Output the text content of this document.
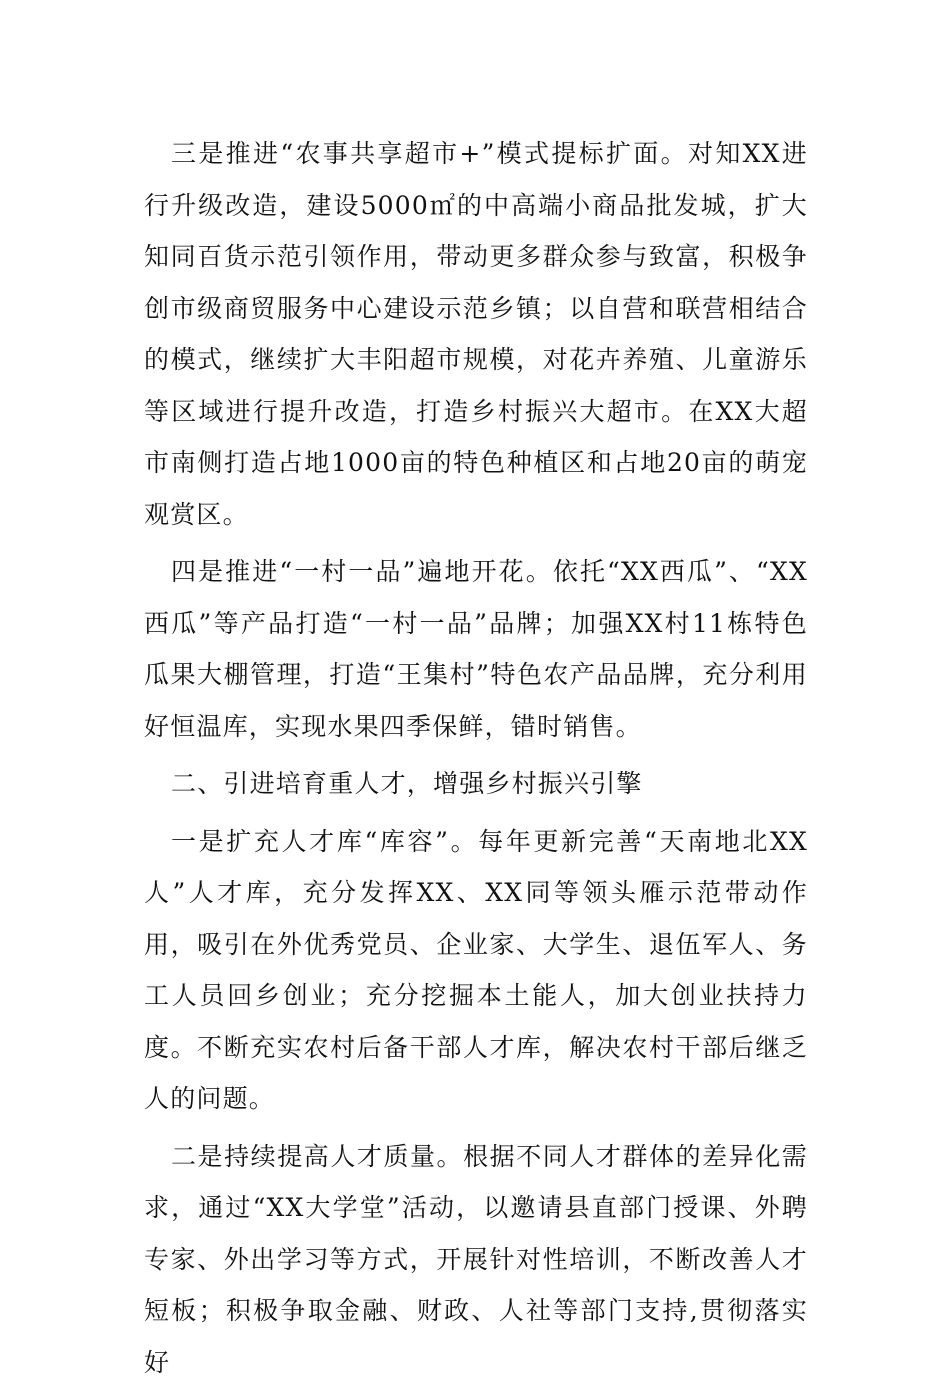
三是推进“农事共享超市+”模式提标扩面。对知XX进行升级改造，建设5000㎡的中高端小商品批发城，扩大知同百货示范引领作用，带动更多群众参与致富，积极争创市级商贸服务中心建设示范乡镇；以自营和联营相结合的模式，继续扩大丰阳超市规模，对花卉养殖、儿童游乐等区域进行提升改造，打造乡村振兴大超市。在XX大超市南侧打造占地1000亩的特色种植区和占地20亩的萌宠观赏区。

四是推进“一村一品”遍地开花。依托“XX西瓜”、“XX西瓜”等产品打造“一村一品”品牌；加强XX村11栋特色瓜果大棚管理，打造“王集村”特色农产品品牌，充分利用好恒温库，实现水果四季保鲜，错时销售。

二、引进培育重人才，增强乡村振兴引擎

一是扩充人才库“库容”。每年更新完善“天南地北XX人”人才库，充分发挥XX、XX同等领头雁示范带动作用，吸引在外优秀党员、企业家、大学生、退伍军人、务工人员回乡创业；充分挖掘本土能人，加大创业扶持力度。不断充实农村后备干部人才库，解决农村干部后继乏人的问题。

二是持续提高人才质量。根据不同人才群体的差异化需求，通过“XX大学堂”活动，以邀请县直部门授课、外聘专家、外出学习等方式，开展针对性培训，不断改善人才短板；积极争取金融、财政、人社等部门支持,贯彻落实好
